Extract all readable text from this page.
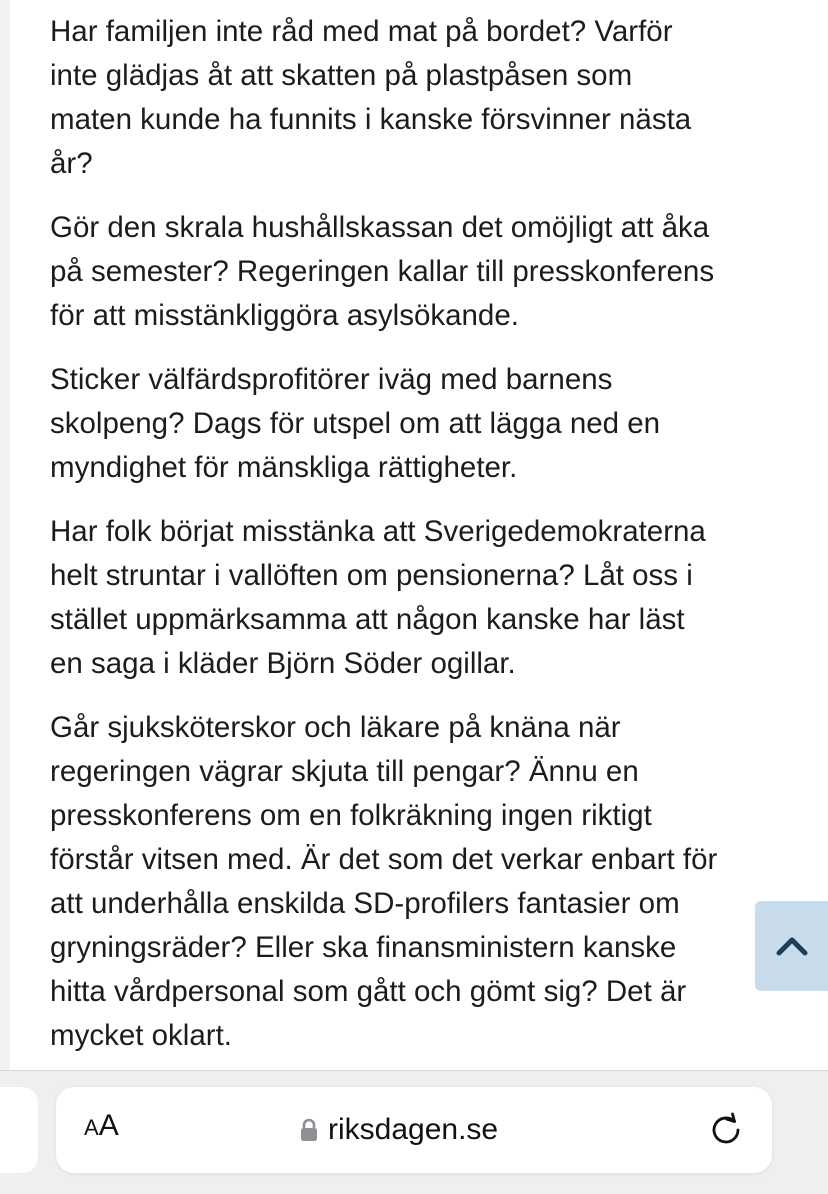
Har familjen inte råd med mat på bordet? Varför
inte glädjas åt att skatten på plastpåsen som
maten kunde ha funnits i kanske försvinner nästa
år?

Gör den skrala hushållskassan det omöjligt att åka
på semester? Regeringen kallar till presskonferens
för att misstänkliggöra asylsökande.

Sticker välfärdsprofitörer iväg med barnens
skolpeng? Dags för utspel om att lägga ned en
myndighet för mänskliga rättigheter.

Har folk börjat misstänka att Sverigedemokraterna
helt struntar i vallöften om pensionerna? Låt oss i
stället uppmärksamma att någon kanske har läst
en saga i kläder Björn Söder ogillar.

Går sjuksköterskor och läkare på knäna när
regeringen vägrar skjuta till pengar? Ännu en
presskonferens om en folkräkning ingen riktigt
förstår vitsen med. Är det som det verkar enbart för
att underhålla enskilda SD-profilers fantasier om
gryningsräder? Eller ska finansministern kanske
hitta vårdpersonal som gått och gömt sig? Det är
mycket oklart.

A A	riksdagen.se
